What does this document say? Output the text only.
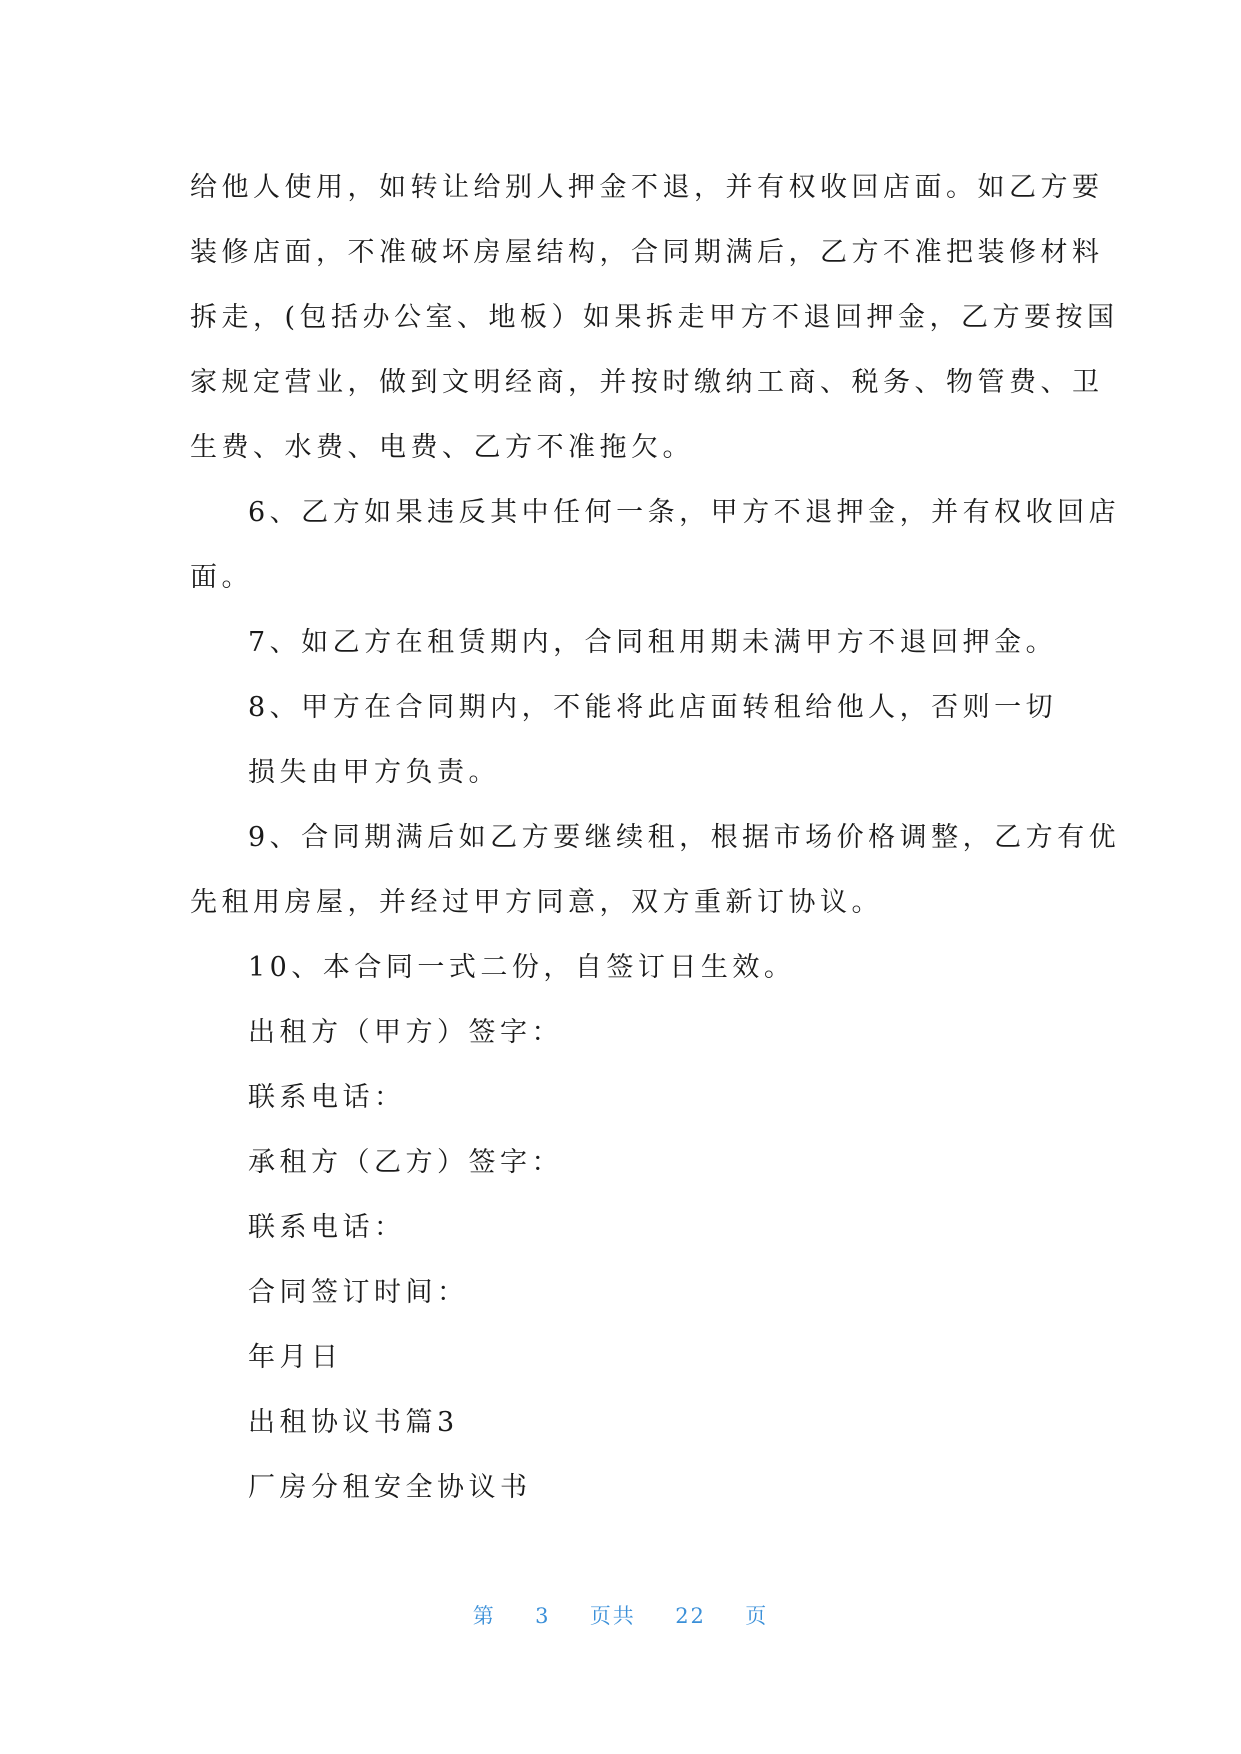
给他人使用，如转让给别人押金不退，并有权收回店面。如乙方要
装修店面，不准破坏房屋结构，合同期满后，乙方不准把装修材料
拆走，(包括办公室、地板）如果拆走甲方不退回押金，乙方要按国
家规定营业，做到文明经商，并按时缴纳工商、税务、物管费、卫
生费、水费、电费、乙方不准拖欠。
6、乙方如果违反其中任何一条，甲方不退押金，并有权收回店
面。
7、如乙方在租赁期内，合同租用期未满甲方不退回押金。
8、甲方在合同期内，不能将此店面转租给他人，否则一切
损失由甲方负责。
9、合同期满后如乙方要继续租，根据市场价格调整，乙方有优
先租用房屋，并经过甲方同意，双方重新订协议。
10、本合同一式二份，自签订日生效。
出租方（甲方）签字：
联系电话：
承租方（乙方）签字：
联系电话：
合同签订时间：
年月日
出租协议书篇3
厂房分租安全协议书
第 3 页共 22 页
